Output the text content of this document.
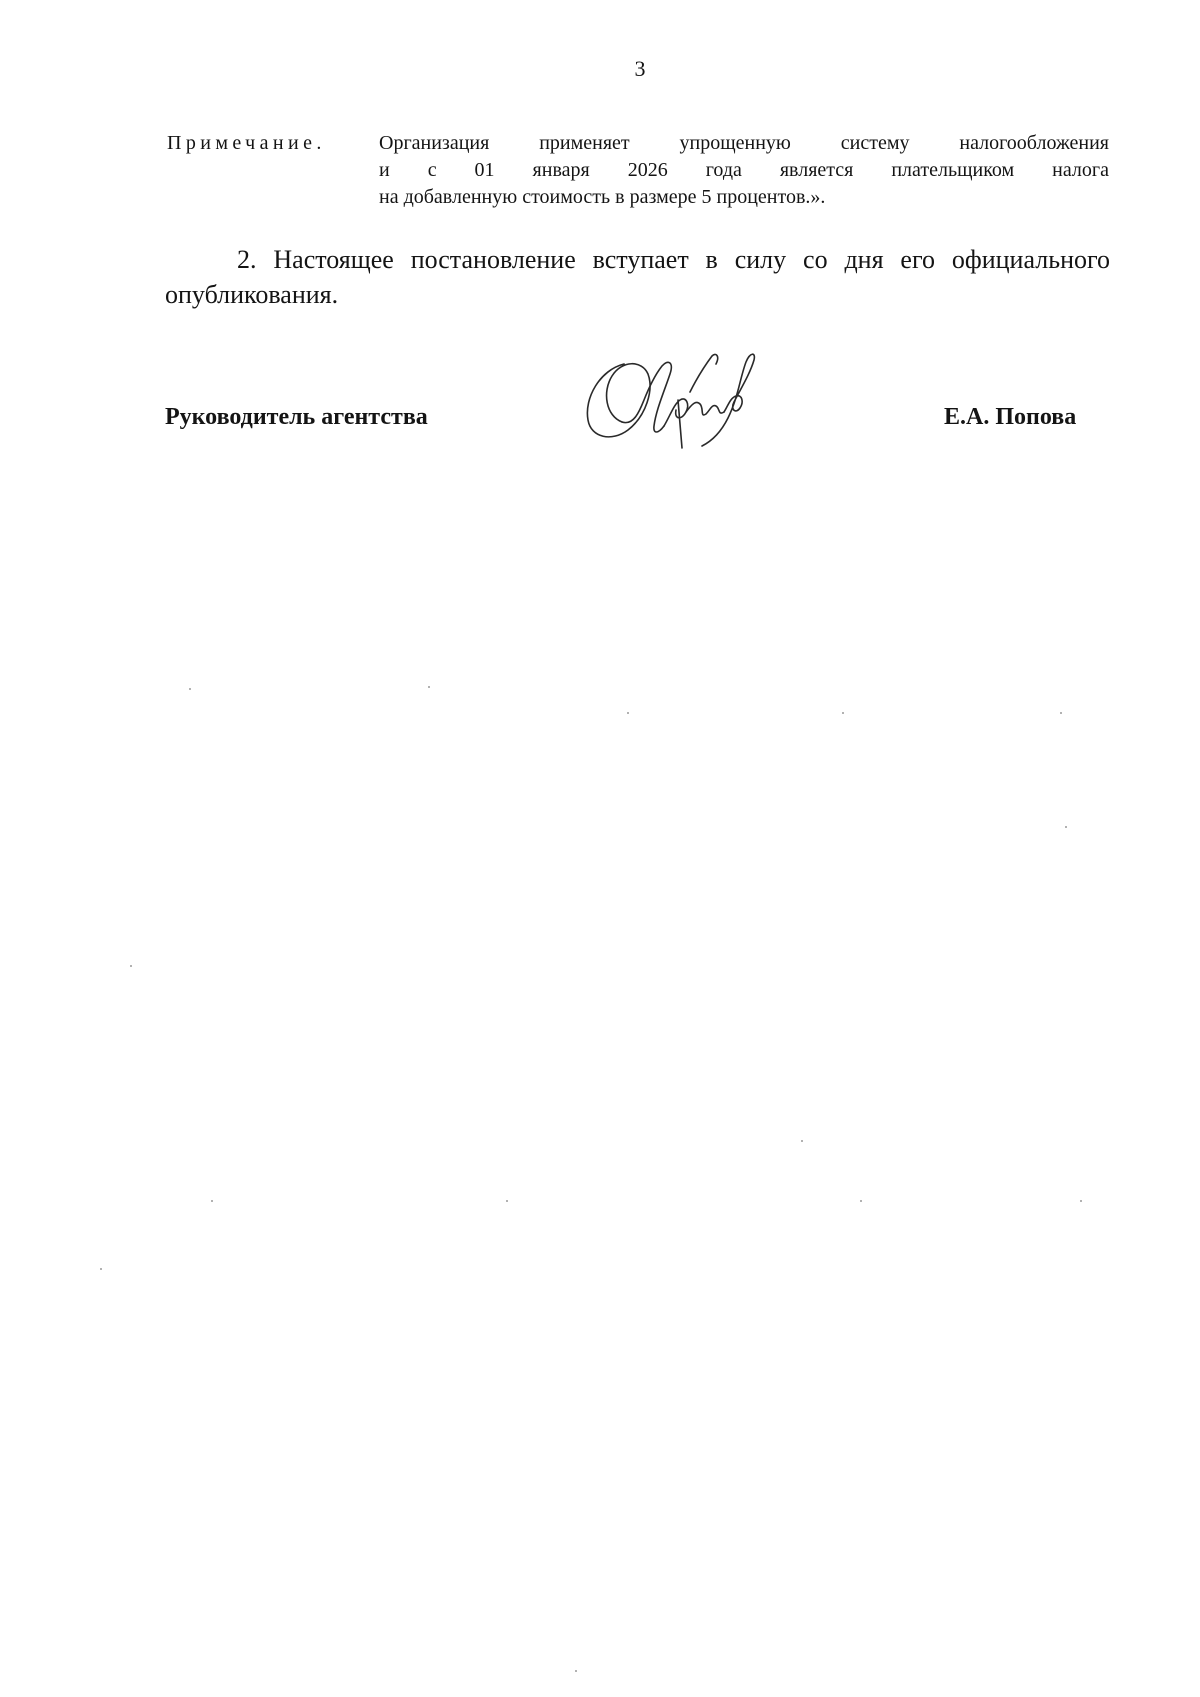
3
Примечание.	Организация применяет упрощенную систему налогообложения
и с 01 января 2026 года является плательщиком налога
на добавленную стоимость в размере 5 процентов.».
2. Настоящее постановление вступает в силу со дня его официального
опубликования.
Руководитель агентства	Е.А. Попова
